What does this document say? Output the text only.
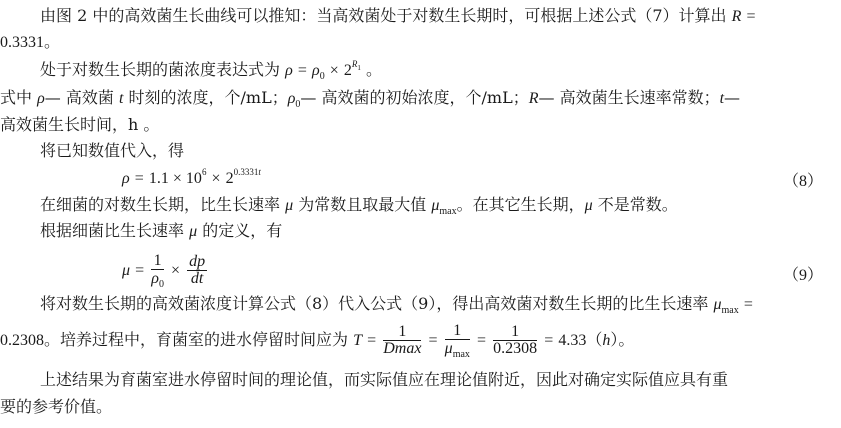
由图 2 中的高效菌生长曲线可以推知：当高效菌处于对数生长期时，可根据上述公式（7）计算出 R =
0.3331。
处于对数生长期的菌浓度表达式为 $\rho = \rho_0 \times 2^{R1}$ 。
式中 ρ— 高效菌 t 时刻的浓度，个/mL；$\rho_0—$ 高效菌的初始浓度，个/mL；R— 高效菌生长速率常数；t—
高效菌生长时间，h 。
将已知数值代入，得
$\rho = 1.1 \times 10^6 \times 2^{0.3331t}$
（8）
在细菌的对数生长期，比生长速率 μ 为常数且取最大值 $\mu_{max}$。在其它生长期，μ 不是常数。
根据细菌比生长速率 μ 的定义，有
$\mu = \frac{1}{\rho_0} \times \frac{dp}{dt}$	（9）
将对数生长期的高效菌浓度计算公式（8）代入公式（9），得出高效菌对数生长期的比生长速率 $\mu_{max}$ =
0.2308。培养过程中，育菌室的进水停留时间应为 $T = \frac{1}{Dmax} = \frac{1}{\mu_{max}} = \frac{1}{0.2308} = 4.33(h)$。
上述结果为育菌室进水停留时间的理论值，而实际值应在理论值附近，因此对确定实际值应具有重
要的参考价值。
